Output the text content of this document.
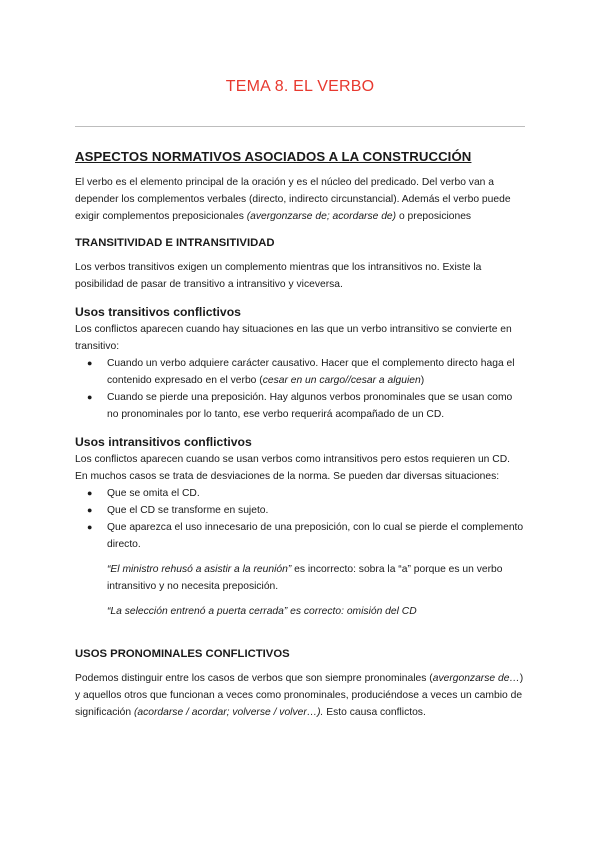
TEMA 8. EL VERBO
ASPECTOS NORMATIVOS ASOCIADOS A LA CONSTRUCCIÓN

El verbo es el elemento principal de la oración y es el núcleo del predicado. Del verbo van a depender los complementos verbales (directo, indirecto circunstancial). Además el verbo puede exigir complementos preposicionales (avergonzarse de; acordarse de) o preposiciones

TRANSITIVIDAD E INTRANSITIVIDAD

Los verbos transitivos exigen un complemento mientras que los intransitivos no. Existe la posibilidad de pasar de transitivo a intransitivo y viceversa.

Usos transitivos conflictivos

Los conflictos aparecen cuando hay situaciones en las que un verbo intransitivo se convierte en transitivo:

● Cuando un verbo adquiere carácter causativo. Hacer que el complemento directo haga el contenido expresado en el verbo (cesar en un cargo//cesar a alguien)
● Cuando se pierde una preposición. Hay algunos verbos pronominales que se usan como no pronominales por lo tanto, ese verbo requerirá acompañado de un CD.
Usos intransitivos conflictivos

Los conflictos aparecen cuando se usan verbos como intransitivos pero estos requieren un CD. En muchos casos se trata de desviaciones de la norma. Se pueden dar diversas situaciones:

● Que se omita el CD.
● Que el CD se transforme en sujeto.
● Que aparezca el uso innecesario de una preposición, con lo cual se pierde el complemento directo.

“El ministro rehusó a asistir a la reunión” es incorrecto: sobra la “a” porque es un verbo intransitivo y no necesita preposición.

“La selección entrenó a puerta cerrada” es correcto: omisión del CD

USOS PRONOMINALES CONFLICTIVOS

Podemos distinguir entre los casos de verbos que son siempre pronominales (avergonzarse de…) y aquellos otros que funcionan a veces como pronominales, produciéndose a veces un cambio de significación (acordarse / acordar; volverse / volver…). Esto causa conflictos.
